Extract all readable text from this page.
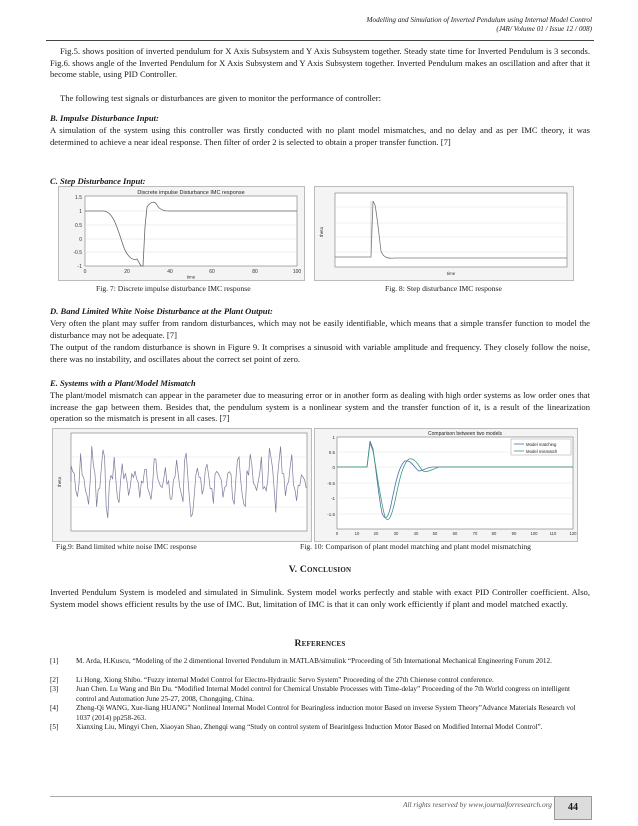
Modelling and Simulation of Inverted Pendulum using Internal Model Control
(J4R/ Volume 01 / Issue 12 / 008)
Fig.5. shows position of inverted pendulum for X Axis Subsystem and Y Axis Subsystem together. Steady state time for Inverted Pendulum is 3 seconds. Fig.6. shows angle of the Inverted Pendulum for X Axis Subsystem and Y Axis Subsystem together. Inverted Pendulum makes an oscillation and after that it become stable, using PID Controller.
The following test signals or disturbances are given to monitor the performance of controller:
B. Impulse Disturbance Input:
A simulation of the system using this controller was firstly conducted with no plant model mismatches, and no delay and as per IMC theory, it was determined to achieve a near ideal response. Then filter of order 2 is selected to obtain a proper transfer function. [7]
C. Step Disturbance Input:
Discrete impulse Disturbance IMC response
1.5
1
0.5
0
-0.5
-1
0	20	40	60	80	100
time
Fig. 7: Discrete impulse disturbance IMC response
theta
time
Fig. 8: Step disturbance IMC response
D. Band Limited White Noise Disturbance at the Plant Output:
Very often the plant may suffer from random disturbances, which may not be easily identifiable, which means that a simple transfer function to model the disturbance may not be adequate. [7]
The output of the random disturbance is shown in Figure 9. It comprises a sinusoid with variable amplitude and frequency. They closely follow the noise, there was no instability, and oscillates about the correct set point of zero.
E. Systems with a Plant/Model Mismatch
The plant/model mismatch can appear in the parameter due to measuring error or in another form as dealing with high order systems as low order ones that increase the gap between them. Besides that, the pendulum system is a nonlinear system and the transfer function of it, is a result of the linearization operation so the mismatch is present in all cases. [7]
theta
Fig.9: Band limited white noise IMC response
Comparison between two models
1
0.5
0
-0.5
-1
-1.5
0	10	20	30	40	50	60	70	80	90	100	110	120
Model matching
Model mismatch
Fig. 10: Comparison of plant model matching and plant model mismatching
V. Conclusion
Inverted Pendulum System is modeled and simulated in Simulink. System model works perfectly and stable with exact PID Controller coefficient. Also, System model shows efficient results by the use of IMC. But, limitation of IMC is that it can only work efficiently if plant and model matched exactly.
References
[1] M. Arda, H.Kuscu, “Modeling of the 2 dimentional Inverted Pendulum in MATLAB/simulink “Proceeding of 5th International Mechanical Engineering Forum 2012.
[2] Li Hong, Xiong Shibo. “Fuzzy internal Model Control for Electro-Hydraulic Servo System” Proceeding of the 27th Chienese control conference.
[3] Juan Chen. Lu Wang and Bin Du. “Modified Internal Model control for Chemical Unstable Processes with Time-delay” Proceeding of the 7th World congress on intelligent control and Automation June 25-27, 2008, Chongqing, China.
[4] Zheng-Qi WANG, Xue-liang HUANG” Nonlineal Internal Model Control for Bearingless induction motor Based on inverse System Theory”Advance Materials Research vol 1037 (2014) pp258-263.
[5] Xianxing Liu, Mingyi Chen, Xiaoyan Shao, Zhengqi wang “Study on control system of Bearinlgess Induction Motor Based on Modified Internal Model Control”.
All rights reserved by www.journalforresearch.org	44
